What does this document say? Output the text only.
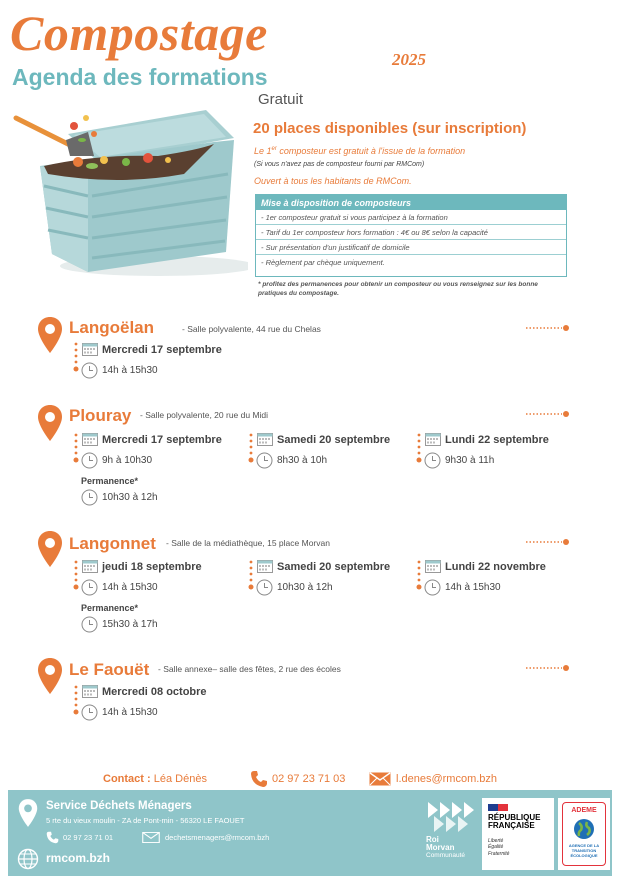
Compostage	2025
Agenda des formations
Gratuit
20 places disponibles (sur inscription)
Le 1er composteur est gratuit à l'issue de la formation
(Si vous n'avez pas de composteur fourni par RMCom)
Ouvert à tous les habitants de RMCom.
Mise à disposition de composteurs
- 1er composteur gratuit si vous participez à la formation
- Tarif du 1er composteur hors formation : 4€ ou 8€ selon la capacité
- Sur présentation d'un justificatif de domicile
- Règlement par chèque uniquement.
* profitez des permanences pour obtenir un composteur ou vous renseignez sur les bonne pratiques du compostage.
Langoëlan	- Salle polyvalente, 44 rue du Chelas
Mercredi 17 septembre
14h à 15h30
Plouray - Salle polyvalente, 20 rue du Midi
Mercredi 17 septembre
9h à 10h30
Samedi 20 septembre
8h30 à 10h
Lundi 22 septembre
9h30 à 11h
Permanence*
10h30 à 12h
Langonnet - Salle de la médiathèque, 15 place Morvan
jeudi 18 septembre
14h à 15h30
Samedi 20 septembre
10h30 à 12h
Lundi 22 novembre
14h à 15h30
Permanence*
15h30 à 17h
Le Faouët - Salle annexe– salle des fêtes, 2 rue des écoles
Mercredi 08 octobre
14h à 15h30
Contact : Léa Dénès	02 97 23 71 03	l.denes@rmcom.bzh
Service Déchets Ménagers
5 rte du vieux moulin - ZA de Pont-min - 56320 LE FAOUET
02 97 23 71 01	dechetsmenagers@rmcom.bzh
rmcom.bzh
Roi
Morvan
Communauté
RÉPUBLIQUE
FRANÇAISE
Liberté
Égalité
Fraternité
ADEME
AGENCE DE LA
TRANSITION
ÉCOLOGIQUE
